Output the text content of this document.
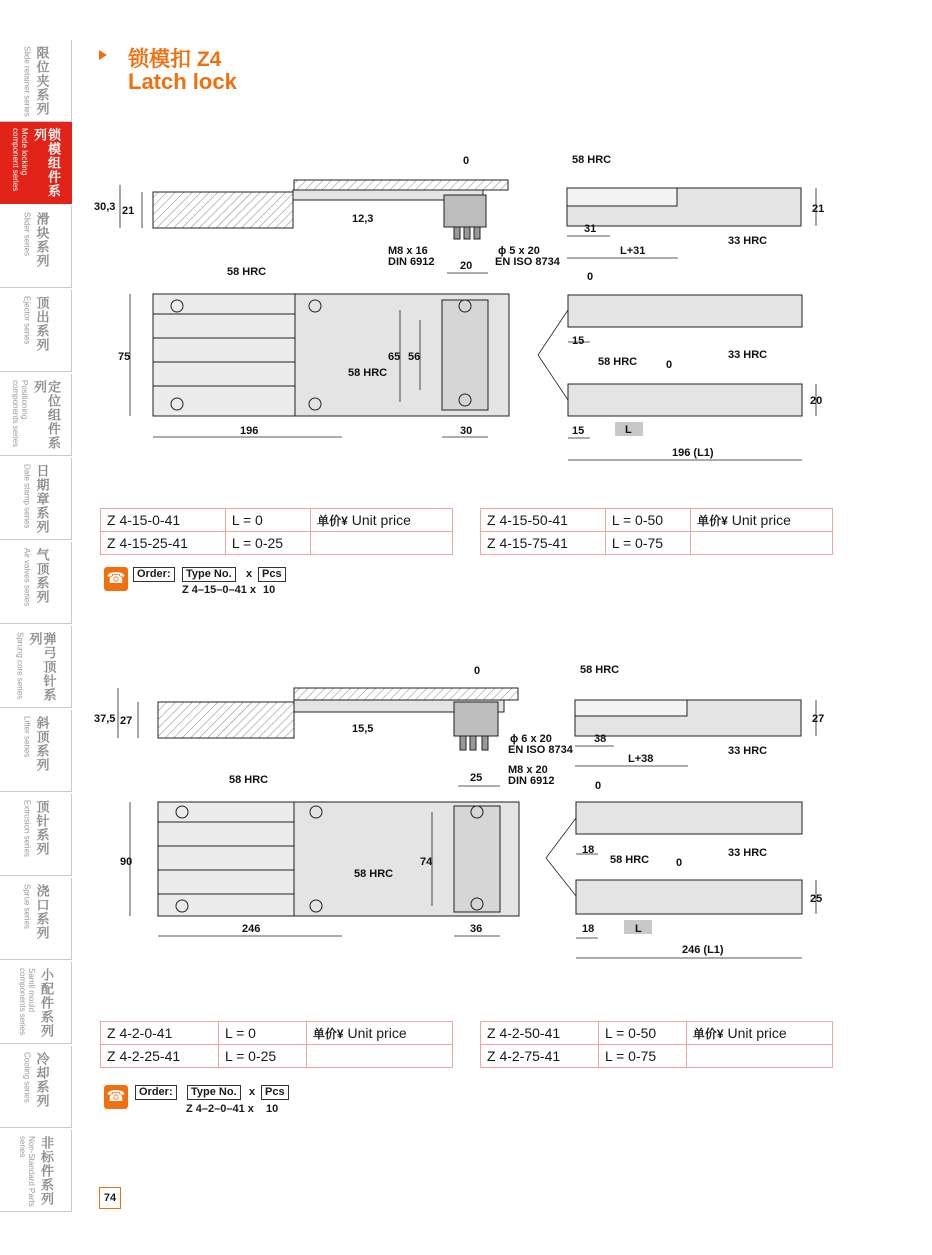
限位夹系列
Slide retainer series
锁模组件系列
Mode locking component series
滑块系列
Slider series
顶出系列
Ejector series
定位组件系列
Positioning components series
日期章系列
Date stamp series
气顶系列
Air valves series
弹弓顶针系列
Sprung core series
斜顶系列
Lifter series
顶针系列
Extrusion series
浇口系列
Sprue series
小配件系列
Samll mould components series
冷却系列
Cooling series
非标件系列
Non-Standard Parts series
锁模扣 Z4
Latch lock
0
30,3 21
12,3
M8 x 16
DIN 6912
ϕ 5 x 20
EN ISO 8734
58 HRC	20
75	65 56
58 HRC
196	30
58 HRC
21
31
L+31
33 HRC
0
15
58 HRC	0
33 HRC
20
15	L
196 (L1)
Z 4-15-0-41	L = 0	单价¥ Unit price
Z 4-15-25-41	L = 0-25	
Z 4-15-50-41	L = 0-50	单价¥ Unit price
Z 4-15-75-41	L = 0-75	
☎	Order:	Type No.	x Pcs
Z 4–15–0–41 x 10
0
37,5 27
15,5
ϕ 6 x 20
EN ISO 8734
M8 x 20
DIN 6912
58 HRC	25
90	74
58 HRC
246	36
58 HRC
27
38
L+38
33 HRC
0
18
58 HRC 0
33 HRC
25
18	L
246 (L1)
Z 4-2-0-41	L = 0	单价¥ Unit price
Z 4-2-25-41	L = 0-25	
Z 4-2-50-41	L = 0-50	单价¥ Unit price
Z 4-2-75-41	L = 0-75	
☎	Order:	Type No.	x Pcs
Z 4–2–0–41 x 10
74
